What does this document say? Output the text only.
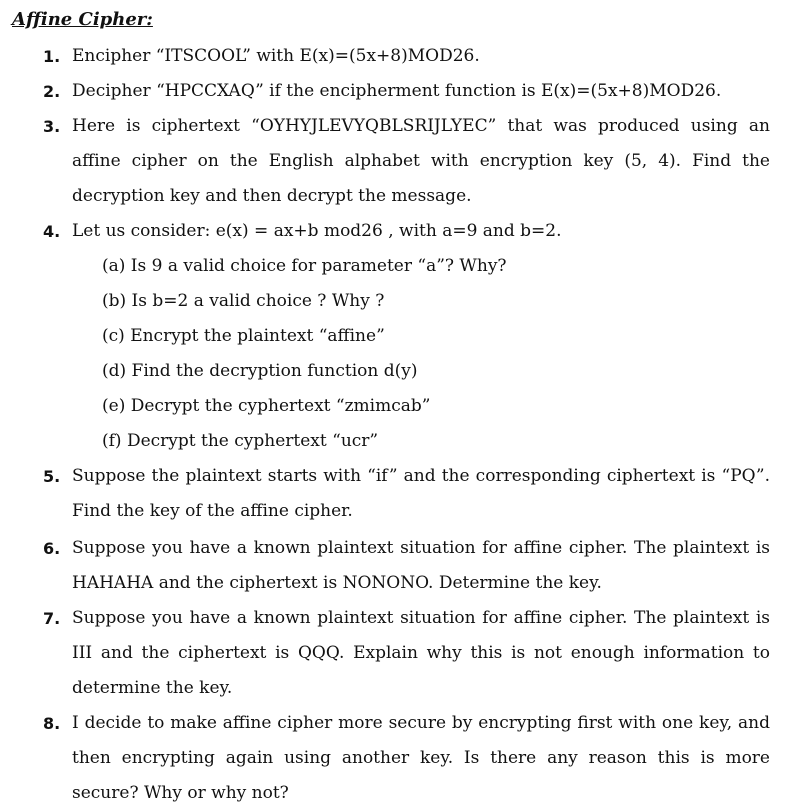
Affine Cipher:
1. Encipher “ITSCOOL” with E(x)=(5x+8)MOD26.
2. Decipher “HPCCXAQ” if the encipherment function is E(x)=(5x+8)MOD26.
3. Here is ciphertext “OYHYJLEVYQBLSRIJLYEC” that was produced using an affine cipher on the English alphabet with encryption key (5, 4). Find the decryption key and then decrypt the message.
4. Let us consider: e(x) = ax+b mod26 , with a=9 and b=2.
(a) Is 9 a valid choice for parameter “a”? Why?
(b) Is b=2 a valid choice ? Why ?
(c) Encrypt the plaintext “affine”
(d) Find the decryption function d(y)
(e) Decrypt the cyphertext “zmimcab”
(f) Decrypt the cyphertext “ucr”
5. Suppose the plaintext starts with “if” and the corresponding ciphertext is “PQ”. Find the key of the affine cipher.
6. Suppose you have a known plaintext situation for affine cipher. The plaintext is HAHAHA and the ciphertext is NONONO. Determine the key.
7. Suppose you have a known plaintext situation for affine cipher. The plaintext is III and the ciphertext is QQQ. Explain why this is not enough information to determine the key.
8. I decide to make affine cipher more secure by encrypting first with one key, and then encrypting again using another key. Is there any reason this is more secure? Why or why not?
